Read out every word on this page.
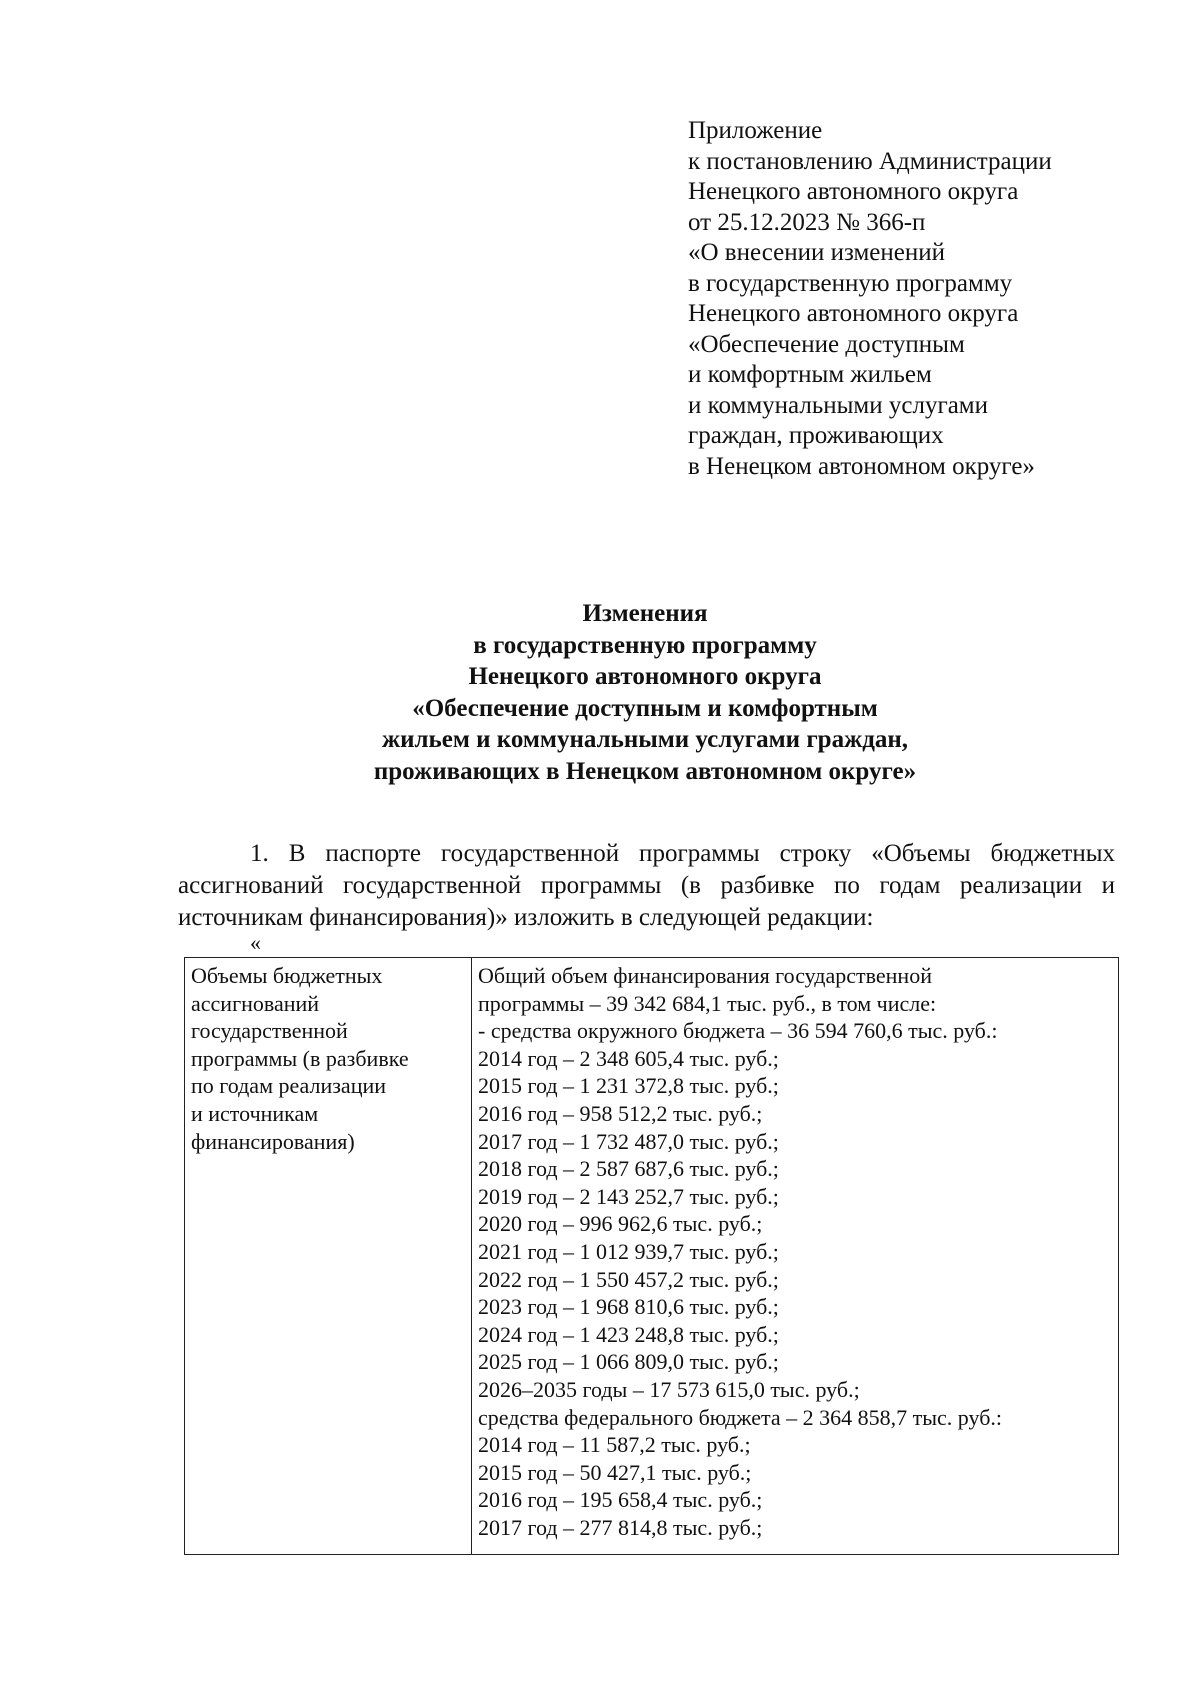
Приложение
к постановлению Администрации
Ненецкого автономного округа
от 25.12.2023 № 366-п
«О внесении изменений
в государственную программу
Ненецкого автономного округа
«Обеспечение доступным
и комфортным жильем
и коммунальными услугами
граждан, проживающих
в Ненецком автономном округе»
Изменения
в государственную программу
Ненецкого автономного округа
«Обеспечение доступным и комфортным
жильем и коммунальными услугами граждан,
проживающих в Ненецком автономном округе»
1. В паспорте государственной программы строку «Объемы бюджетных ассигнований государственной программы (в разбивке по годам реализации и источникам финансирования)» изложить в следующей редакции:
«
Объемы бюджетных
ассигнований
государственной
программы (в разбивке
по годам реализации
и источникам
финансирования)
Общий объем финансирования государственной
программы – 39 342 684,1 тыс. руб., в том числе:
- средства окружного бюджета – 36 594 760,6 тыс. руб.:
2014 год – 2 348 605,4 тыс. руб.;
2015 год – 1 231 372,8 тыс. руб.;
2016 год – 958 512,2 тыс. руб.;
2017 год – 1 732 487,0 тыс. руб.;
2018 год – 2 587 687,6 тыс. руб.;
2019 год – 2 143 252,7 тыс. руб.;
2020 год – 996 962,6 тыс. руб.;
2021 год – 1 012 939,7 тыс. руб.;
2022 год – 1 550 457,2 тыс. руб.;
2023 год – 1 968 810,6 тыс. руб.;
2024 год – 1 423 248,8 тыс. руб.;
2025 год – 1 066 809,0 тыс. руб.;
2026–2035 годы – 17 573 615,0 тыс. руб.;
средства федерального бюджета – 2 364 858,7 тыс. руб.:
2014 год – 11 587,2 тыс. руб.;
2015 год – 50 427,1 тыс. руб.;
2016 год – 195 658,4 тыс. руб.;
2017 год – 277 814,8 тыс. руб.;
